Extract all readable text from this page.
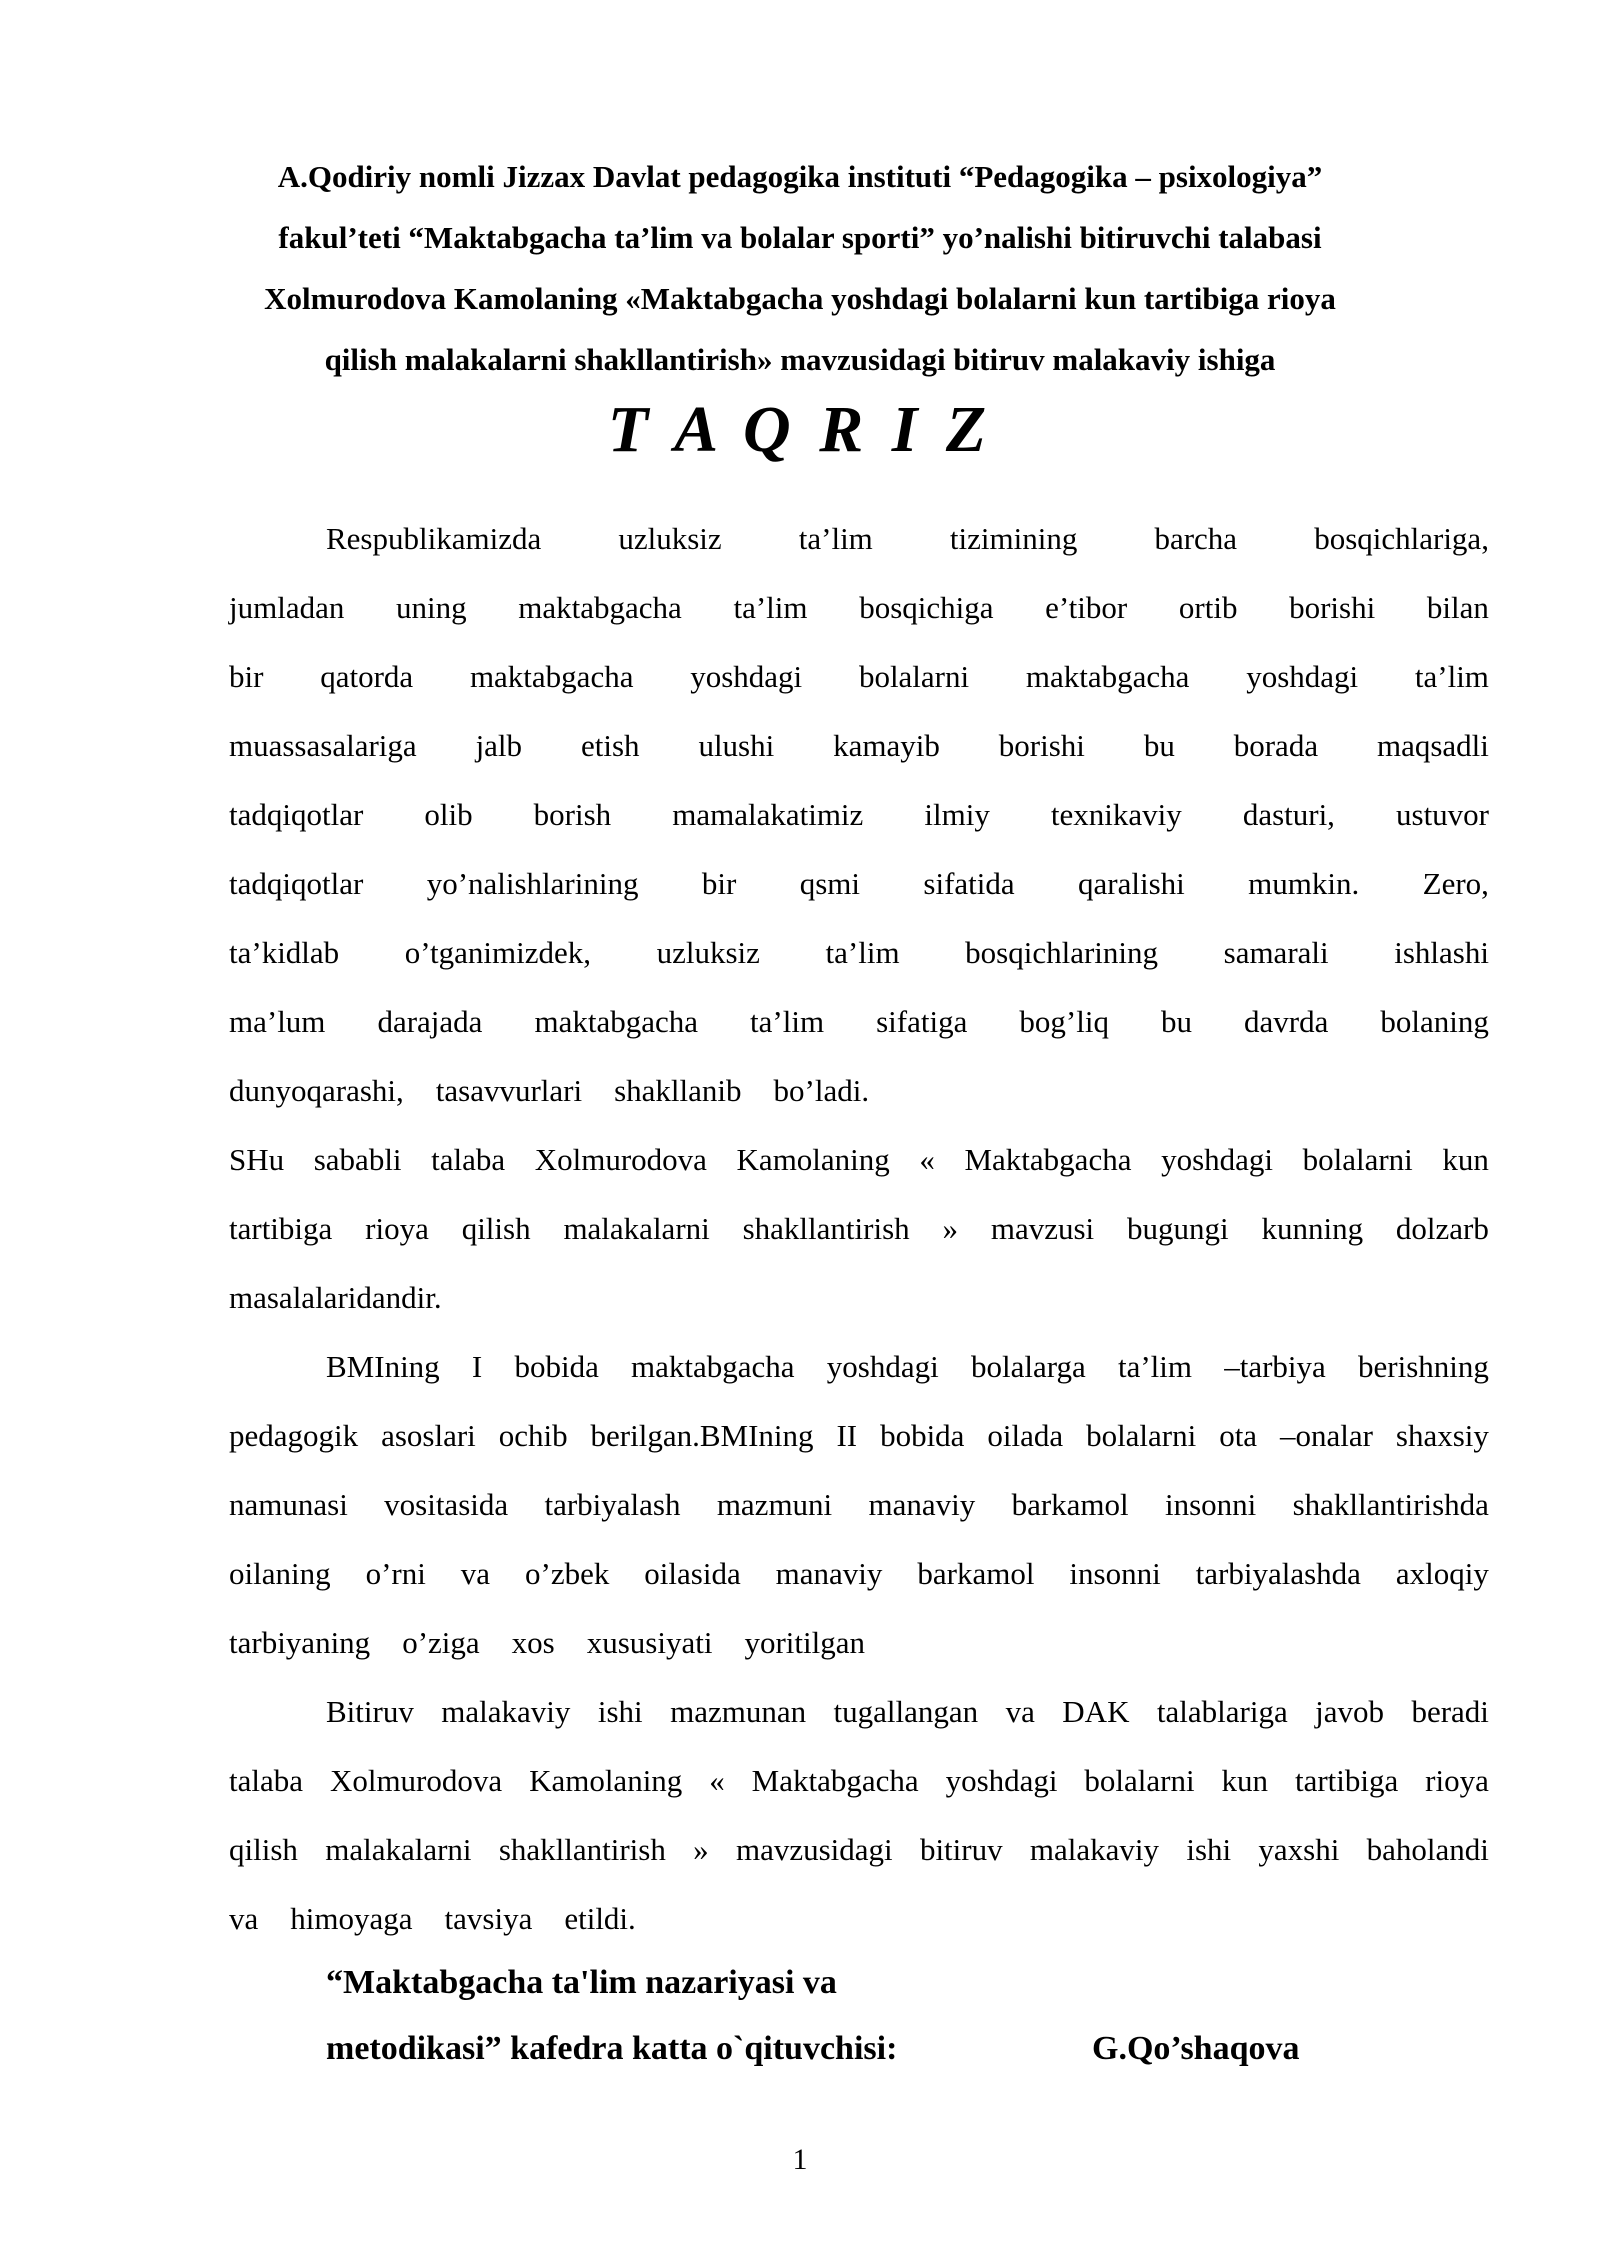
A.Qodiriy nomli Jizzax Davlat pedagogika instituti “Pedagogika – psixologiya”
fakul’teti “Maktabgacha ta’lim va bolalar sporti” yo’nalishi bitiruvchi talabasi
Xolmurodova Kamolaning «Maktabgacha yoshdagi bolalarni kun tartibiga rioya
qilish malakalarni shakllantirish» mavzusidagi bitiruv malakaviy ishiga
T A Q R I Z
Respublikamizda uzluksiz ta’lim tizimining barcha bosqichlariga,
jumladan uning maktabgacha ta’lim bosqichiga e’tibor ortib borishi bilan
bir qatorda maktabgacha yoshdagi bolalarni maktabgacha yoshdagi ta’lim
muassasalariga jalb etish ulushi kamayib borishi bu borada maqsadli
tadqiqotlar olib borish mamalakatimiz ilmiy texnikaviy dasturi, ustuvor
tadqiqotlar yo’nalishlarining bir qsmi sifatida qaralishi mumkin. Zero,
ta’kidlab o’tganimizdek, uzluksiz ta’lim bosqichlarining samarali ishlashi
ma’lum darajada maktabgacha ta’lim sifatiga bog’liq bu davrda bolaning
dunyoqarashi, tasavvurlari shakllanib bo’ladi.
SHu sababli talaba Xolmurodova Kamolaning « Maktabgacha yoshdagi bolalarni kun
tartibiga rioya qilish malakalarni shakllantirish » mavzusi bugungi kunning dolzarb
masalalaridandir.
BMIning I bobida maktabgacha yoshdagi bolalarga ta’lim –tarbiya berishning
pedagogik asoslari ochib berilgan.BMIning II bobida oilada bolalarni ota –onalar shaxsiy
namunasi vositasida tarbiyalash mazmuni manaviy barkamol insonni shakllantirishda
oilaning o’rni va o’zbek oilasida manaviy barkamol insonni tarbiyalashda axloqiy
tarbiyaning o’ziga xos xususiyati yoritilgan
Bitiruv malakaviy ishi mazmunan tugallangan va DAK talablariga javob beradi
talaba Xolmurodova Kamolaning « Maktabgacha yoshdagi bolalarni kun tartibiga rioya
qilish malakalarni shakllantirish » mavzusidagi bitiruv malakaviy ishi yaxshi baholandi
va himoyaga tavsiya etildi.
“Maktabgacha ta'lim nazariyasi va
metodikasi” kafedra katta o`qituvchisi:	G.Qo’shaqova
1
